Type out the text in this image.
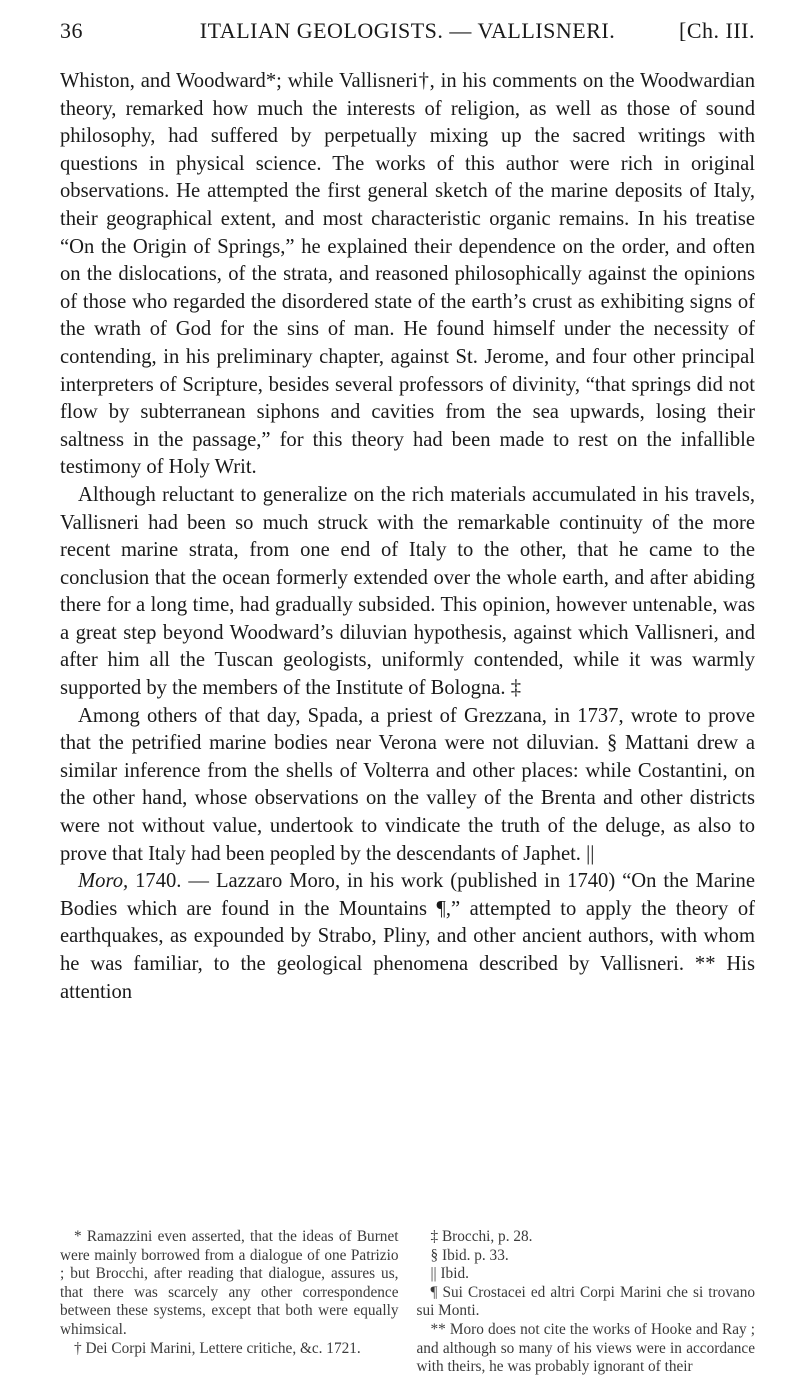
36	ITALIAN GEOLOGISTS. — VALLISNERI.	[Ch. III.

Whiston, and Woodward*; while Vallisneri†, in his comments on the Woodwardian theory, remarked how much the interests of religion, as well as those of sound philosophy, had suffered by perpetually mixing up the sacred writings with questions in physical science. The works of this author were rich in original observations. He attempted the first general sketch of the marine deposits of Italy, their geographical extent, and most characteristic organic remains. In his treatise “On the Origin of Springs,” he explained their dependence on the order, and often on the dislocations, of the strata, and reasoned philosophically against the opinions of those who regarded the disordered state of the earth’s crust as exhibiting signs of the wrath of God for the sins of man. He found himself under the necessity of contending, in his preliminary chapter, against St. Jerome, and four other principal interpreters of Scripture, besides several professors of divinity, “that springs did not flow by subterranean siphons and cavities from the sea upwards, losing their saltness in the passage,” for this theory had been made to rest on the infallible testimony of Holy Writ.

Although reluctant to generalize on the rich materials accumulated in his travels, Vallisneri had been so much struck with the remarkable continuity of the more recent marine strata, from one end of Italy to the other, that he came to the conclusion that the ocean formerly extended over the whole earth, and after abiding there for a long time, had gradually subsided. This opinion, however untenable, was a great step beyond Woodward’s diluvian hypothesis, against which Vallisneri, and after him all the Tuscan geologists, uniformly contended, while it was warmly supported by the members of the Institute of Bologna. ‡

Among others of that day, Spada, a priest of Grezzana, in 1737, wrote to prove that the petrified marine bodies near Verona were not diluvian. § Mattani drew a similar inference from the shells of Volterra and other places: while Costantini, on the other hand, whose observations on the valley of the Brenta and other districts were not without value, undertook to vindicate the truth of the deluge, as also to prove that Italy had been peopled by the descendants of Japhet. ||

Moro, 1740. — Lazzaro Moro, in his work (published in 1740) “On the Marine Bodies which are found in the Mountains ¶,” attempted to apply the theory of earthquakes, as expounded by Strabo, Pliny, and other ancient authors, with whom he was familiar, to the geological phenomena described by Vallisneri. ** His attention

* Ramazzini even asserted, that the ideas of Burnet were mainly borrowed from a dialogue of one Patrizio ; but Brocchi, after reading that dialogue, assures us, that there was scarcely any other correspondence between these systems, except that both were equally whimsical.

† Dei Corpi Marini, Lettere critiche, &c. 1721.

‡ Brocchi, p. 28.

§ Ibid. p. 33.

|| Ibid.

¶ Sui Crostacei ed altri Corpi Marini che si trovano sui Monti.

** Moro does not cite the works of Hooke and Ray ; and although so many of his views were in accordance with theirs, he was probably ignorant of their
